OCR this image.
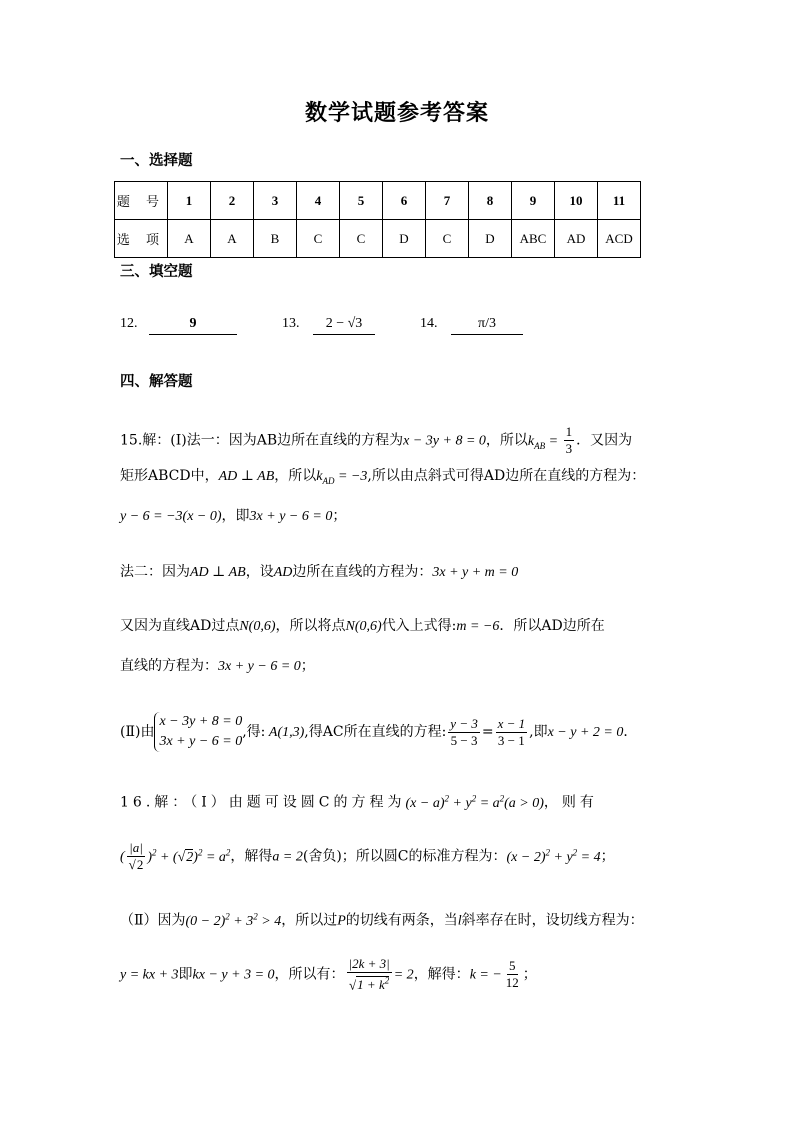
数学试题参考答案
一、选择题
题 号	1	2	3	4	5	6	7	8	9	10	11
选 项	A	A	B	C	C	D	C	D	ABC	AD	ACD
三、填空题
12.	9	13. 2 − √3	14.	π/3
四、解答题
15.解：(Ⅰ)法一：因为AB边所在直线的方程为x − 3y + 8 = 0，所以$k_{AB} = \frac{1}{3}$ ．又因为
矩形ABCD中，AD ⊥ AB，所以$k_{AD} = -3$,所以由点斜式可得AD边所在直线的方程为：
y − 6 = −3(x − 0)，即3x + y − 6 = 0；
法二：因为AD ⊥ AB，设AD边所在直线的方程为：3x + y + m = 0
又因为直线AD过点N(0,6)，所以将点N(0,6)代入上式得:m = −6．所以AD边所在
直线的方程为：3x + y − 6 = 0；
(Ⅱ)由
x − 3y + 8 = 0
3x + y − 6 = 0
,得: A(1,3),得AC所在直线的方程: $\frac{y - 3}{5 - 3} = \frac{x - 1}{3 - 1}$ ,即x − y + 2 = 0．
16.解：（Ⅰ）由题可设圆C的方程为$(x - a)^2 + y^2 = a^2(a > 0)$，则有
( $\frac{|a|}{√2} )^2 + (√2)^2 = a^2$，解得a = 2(舍负)；所以圆C的标准方程为：$(x - 2)^2 + y^2 = 4$；
（Ⅱ）因为$(0 - 2)^2 + 3^2 > 4$，所以过P的切线有两条，当l斜率存在时，设切线方程为：
y = kx + 3即kx − y + 3 = 0，所以有： $\frac{|2k + 3|}{√1 + k^2} = 2$，解得：k = − $\frac{5}{12}$ ；
